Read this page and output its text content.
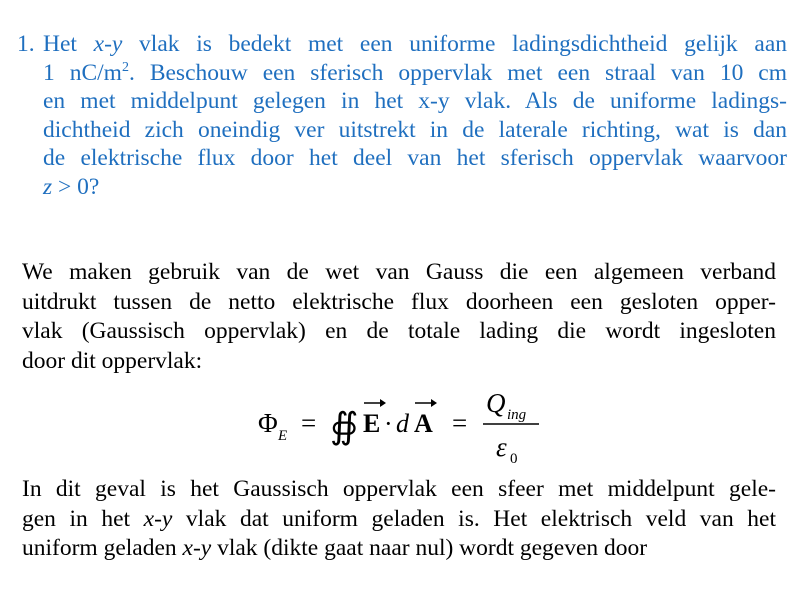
1. Het x-y vlak is bedekt met een uniforme ladingsdichtheid gelijk aan
1 $nC/m^2$. Beschouw een sferisch oppervlak met een straal van 10 cm
en met middelpunt gelegen in het x-y vlak. Als de uniforme ladings-
dichtheid zich oneindig ver uitstrekt in de laterale richting, wat is dan
de elektrische flux door het deel van het sferisch oppervlak waarvoor
z > 0?
We maken gebruik van de wet van Gauss die een algemeen verband
uitdrukt tussen de netto elektrische flux doorheen een gesloten opper-
vlak (Gaussisch oppervlak) en de totale lading die wordt ingesloten
door dit oppervlak:
Φ E = ∯ E · d A =
Q ing
ε 0
In dit geval is het Gaussisch oppervlak een sfeer met middelpunt gele-
gen in het x-y vlak dat uniform geladen is. Het elektrisch veld van het
uniform geladen x-y vlak (dikte gaat naar nul) wordt gegeven door
